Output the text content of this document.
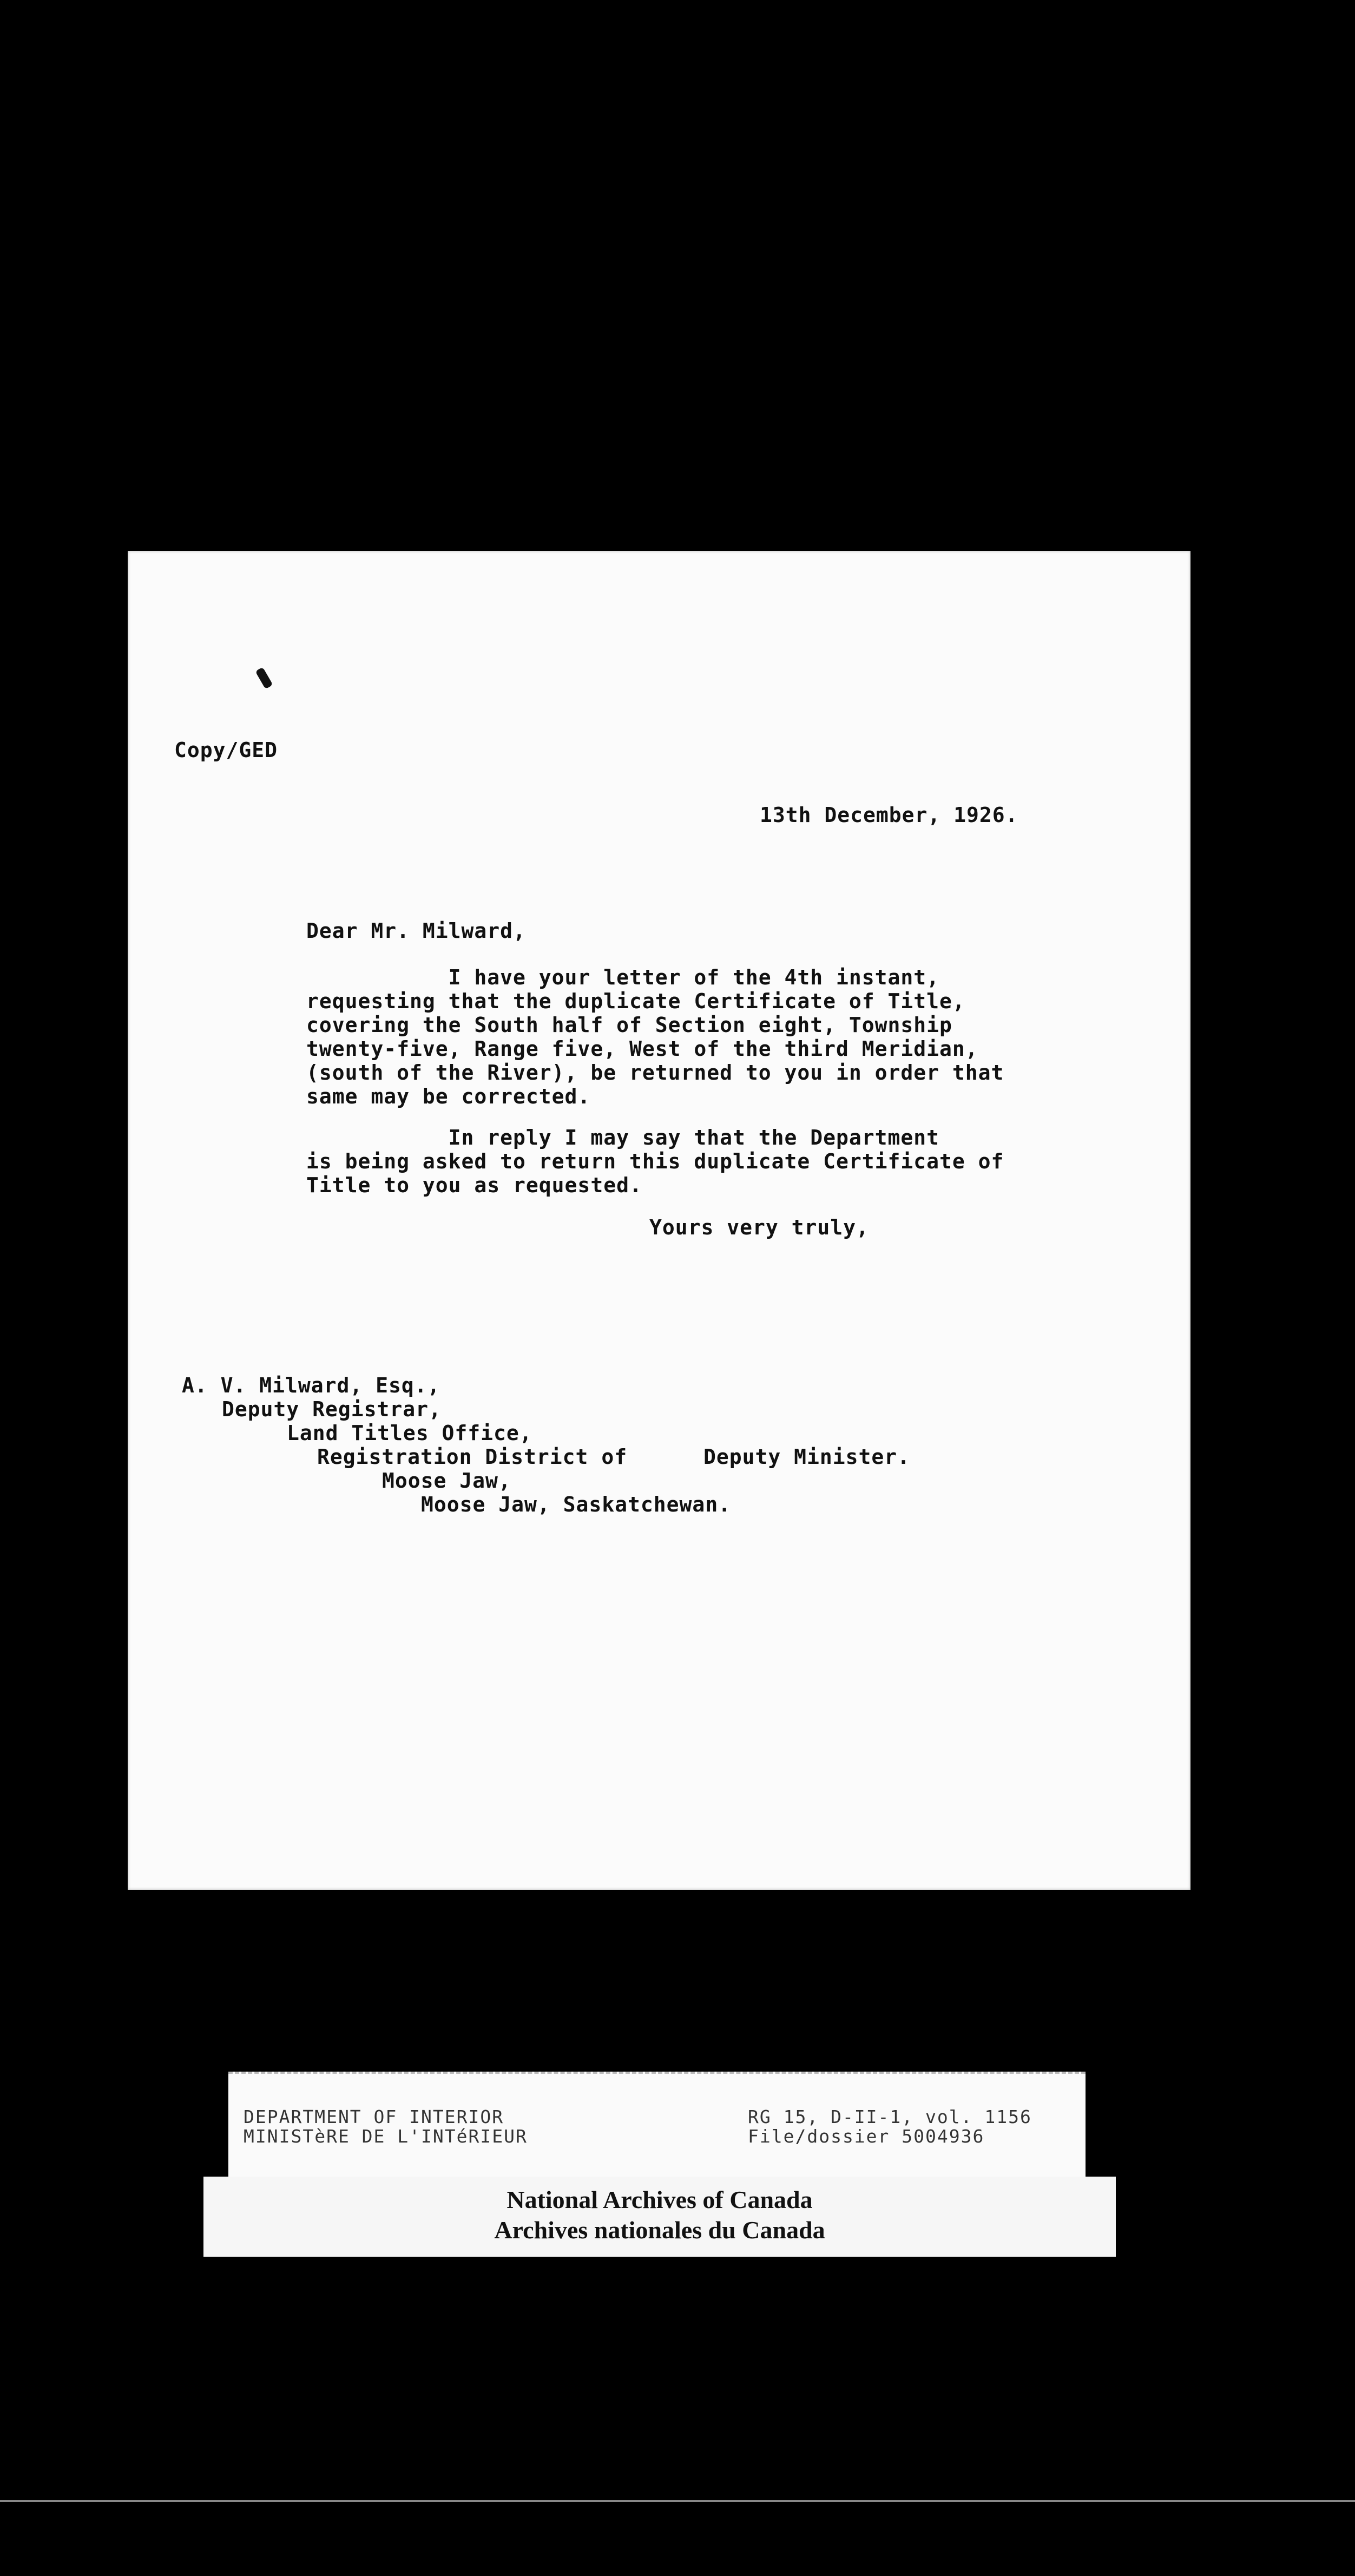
Copy/GED
13th December, 1926.
Dear Mr. Milward,
I have your letter of the 4th instant,
requesting that the duplicate Certificate of Title,
covering the South half of Section eight, Township
twenty-five, Range five, West of the third Meridian,
(south of the River), be returned to you in order that
same may be corrected.
In reply I may say that the Department
is being asked to return this duplicate Certificate of
Title to you as requested.
Yours very truly,
A. V. Milward, Esq.,
Deputy Registrar,
Land Titles Office,
Registration District of
Moose Jaw,
Moose Jaw, Saskatchewan.
Deputy Minister.
DEPARTMENT OF INTERIOR
MINISTèRE DE L'INTéRIEUR
RG 15, D-II-1, vol. 1156
File/dossier 5004936
National Archives of Canada
Archives nationales du Canada
